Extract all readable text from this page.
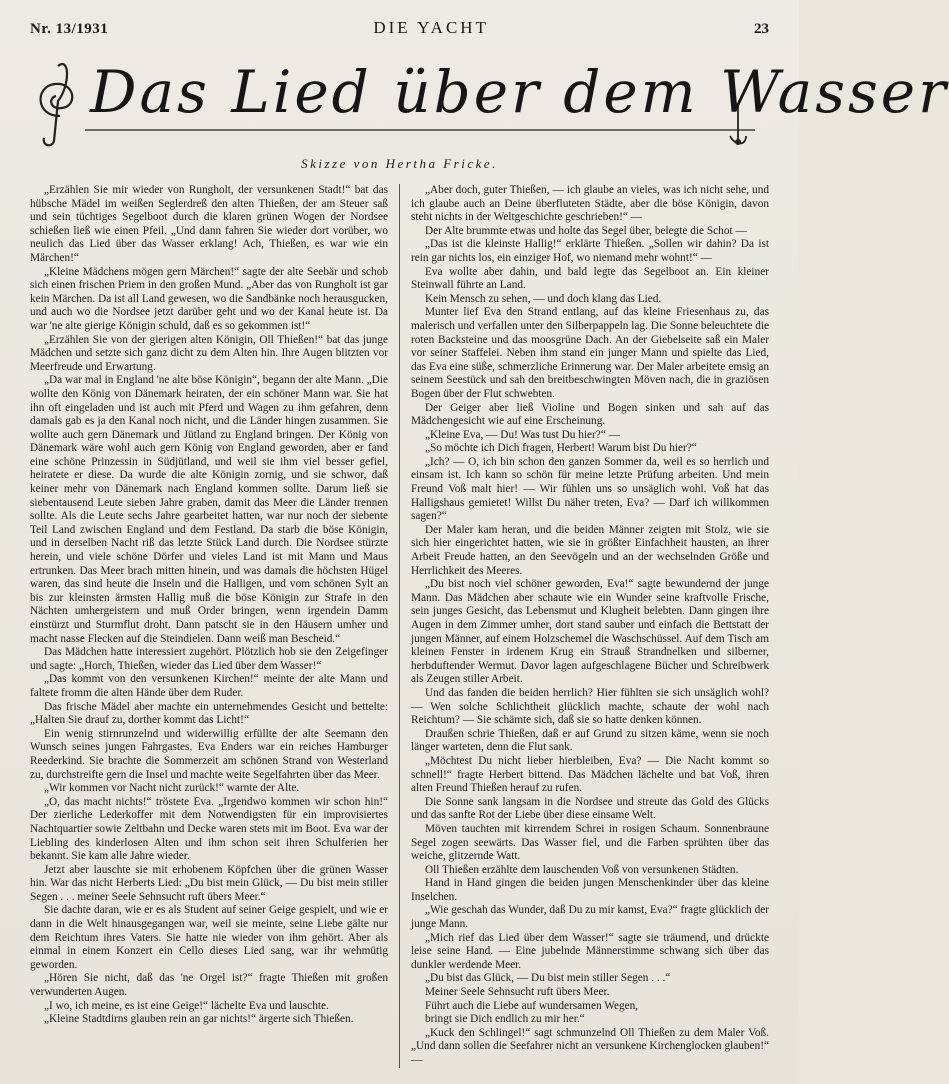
Nr. 13/1931	DIE YACHT	23
Das Lied über dem Wasser
Skizze von Hertha Fricke.

„Erzählen Sie mir wieder von Rungholt, der versunkenen Stadt!“ bat das hübsche Mädel im weißen Seglerdreß den alten Thießen, der am Steuer saß und sein tüchtiges Segelboot durch die klaren grünen Wogen der Nordsee schießen ließ wie einen Pfeil. „Und dann fahren Sie wieder dort vorüber, wo neulich das Lied über das Wasser erklang! Ach, Thießen, es war wie ein Märchen!“

„Kleine Mädchens mögen gern Märchen!“ sagte der alte Seebär und schob sich einen frischen Priem in den großen Mund. „Aber das von Rungholt ist gar kein Märchen. Da ist all Land gewesen, wo die Sandbänke noch herausgucken, und auch wo die Nordsee jetzt darüber geht und wo der Kanal heute ist. Da war 'ne alte gierige Königin schuld, daß es so gekommen ist!“

„Erzählen Sie von der gierigen alten Königin, Oll Thießen!“ bat das junge Mädchen und setzte sich ganz dicht zu dem Alten hin. Ihre Augen blitzten vor Meerfreude und Erwartung.

„Da war mal in England 'ne alte böse Königin“, begann der alte Mann. „Die wollte den König von Dänemark heiraten, der ein schöner Mann war. Sie hat ihn oft eingeladen und ist auch mit Pferd und Wagen zu ihm gefahren, denn damals gab es ja den Kanal noch nicht, und die Länder hingen zusammen. Sie wollte auch gern Dänemark und Jütland zu England bringen. Der König von Dänemark wäre wohl auch gern König von England geworden, aber er fand eine schöne Prinzessin in Südjütland, und weil sie ihm viel besser gefiel, heiratete er diese. Da wurde die alte Königin zornig, und sie schwor, daß keiner mehr von Dänemark nach England kommen sollte. Darum ließ sie siebentausend Leute sieben Jahre graben, damit das Meer die Länder trennen sollte. Als die Leute sechs Jahre gearbeitet hatten, war nur noch der siebente Teil Land zwischen England und dem Festland. Da starb die böse Königin, und in derselben Nacht riß das letzte Stück Land durch. Die Nordsee stürzte herein, und viele schöne Dörfer und vieles Land ist mit Mann und Maus ertrunken. Das Meer brach mitten hinein, und was damals die höchsten Hügel waren, das sind heute die Inseln und die Halligen, und vom schönen Sylt an bis zur kleinsten ärmsten Hallig muß die böse Königin zur Strafe in den Nächten umhergeistern und muß Order bringen, wenn irgendein Damm einstürzt und Sturmflut droht. Dann patscht sie in den Häusern umher und macht nasse Flecken auf die Steindielen. Dann weiß man Bescheid.“

Das Mädchen hatte interessiert zugehört. Plötzlich hob sie den Zeigefinger und sagte: „Horch, Thießen, wieder das Lied über dem Wasser!“

„Das kommt von den versunkenen Kirchen!“ meinte der alte Mann und faltete fromm die alten Hände über dem Ruder.

Das frische Mädel aber machte ein unternehmendes Gesicht und bettelte: „Halten Sie drauf zu, dorther kommt das Licht!“

Ein wenig stirnrunzelnd und widerwillig erfüllte der alte Seemann den Wunsch seines jungen Fahrgastes. Eva Enders war ein reiches Hamburger Reederkind. Sie brachte die Sommerzeit am schönen Strand von Westerland zu, durchstreifte gern die Insel und machte weite Segelfahrten über das Meer.

„Wir kommen vor Nacht nicht zurück!“ warnte der Alte.

„O, das macht nichts!“ tröstete Eva. „Irgendwo kommen wir schon hin!“ Der zierliche Lederkoffer mit dem Notwendigsten für ein improvisiertes Nachtquartier sowie Zeltbahn und Decke waren stets mit im Boot. Eva war der Liebling des kinderlosen Alten und ihm schon seit ihren Schulferien her bekannt. Sie kam alle Jahre wieder.

Jetzt aber lauschte sie mit erhobenem Köpfchen über die grünen Wasser hin. War das nicht Herberts Lied: „Du bist mein Glück, — Du bist mein stiller Segen . . . meiner Seele Sehnsucht ruft übers Meer.“

Sie dachte daran, wie er es als Student auf seiner Geige gespielt, und wie er dann in die Welt hinausgegangen war, weil sie meinte, seine Liebe gälte nur dem Reichtum ihres Vaters. Sie hatte nie wieder von ihm gehört. Aber als einmal in einem Konzert ein Cello dieses Lied sang, war ihr wehmütig geworden.

„Hören Sie nicht, daß das 'ne Orgel ist?“ fragte Thießen mit großen verwunderten Augen.

„I wo, ich meine, es ist eine Geige!“ lächelte Eva und lauschte.

„Kleine Stadtdirns glauben rein an gar nichts!“ ärgerte sich Thießen.

„Aber doch, guter Thießen, — ich glaube an vieles, was ich nicht sehe, und ich glaube auch an Deine überfluteten Städte, aber die böse Königin, davon steht nichts in der Weltgeschichte geschrieben!“ —

Der Alte brummte etwas und holte das Segel über, belegte die Schot —

„Das ist die kleinste Hallig!“ erklärte Thießen. „Sollen wir dahin? Da ist rein gar nichts los, ein einziger Hof, wo niemand mehr wohnt!“ —

Eva wollte aber dahin, und bald legte das Segelboot an. Ein kleiner Steinwall führte an Land.

Kein Mensch zu sehen, — und doch klang das Lied.

Munter lief Eva den Strand entlang, auf das kleine Friesenhaus zu, das malerisch und verfallen unter den Silberpappeln lag. Die Sonne beleuchtete die roten Backsteine und das moosgrüne Dach. An der Giebelseite saß ein Maler vor seiner Staffelei. Neben ihm stand ein junger Mann und spielte das Lied, das Eva eine süße, schmerzliche Erinnerung war. Der Maler arbeitete emsig an seinem Seestück und sah den breitbeschwingten Möven nach, die in graziösen Bogen über der Flut schwebten.

Der Geiger aber ließ Violine und Bogen sinken und sah auf das Mädchengesicht wie auf eine Erscheinung.

„Kleine Eva, — Du! Was tust Du hier?“ —

„So möchte ich Dich fragen, Herbert! Warum bist Du hier?“

„Ich? — O, ich bin schon den ganzen Sommer da, weil es so herrlich und einsam ist. Ich kann so schön für meine letzte Prüfung arbeiten. Und mein Freund Voß malt hier! — Wir fühlen uns so unsäglich wohl. Voß hat das Halligshaus gemietet! Willst Du näher treten, Eva? — Darf ich willkommen sagen?“

Der Maler kam heran, und die beiden Männer zeigten mit Stolz, wie sie sich hier eingerichtet hatten, wie sie in größter Einfachheit hausten, an ihrer Arbeit Freude hatten, an den Seevögeln und an der wechselnden Größe und Herrlichkeit des Meeres.

„Du bist noch viel schöner geworden, Eva!“ sagte bewundernd der junge Mann. Das Mädchen aber schaute wie ein Wunder seine kraftvolle Frische, sein junges Gesicht, das Lebensmut und Klugheit belebten. Dann gingen ihre Augen in dem Zimmer umher, dort stand sauber und einfach die Bettstatt der jungen Männer, auf einem Holzschemel die Waschschüssel. Auf dem Tisch am kleinen Fenster in irdenem Krug ein Strauß Strandnelken und silberner, herbduftender Wermut. Davor lagen aufgeschlagene Bücher und Schreibwerk als Zeugen stiller Arbeit.

Und das fanden die beiden herrlich? Hier fühlten sie sich unsäglich wohl? — Wen solche Schlichtheit glücklich machte, schaute der wohl nach Reichtum? — Sie schämte sich, daß sie so hatte denken können.

Draußen schrie Thießen, daß er auf Grund zu sitzen käme, wenn sie noch länger warteten, denn die Flut sank.

„Möchtest Du nicht lieber hierbleiben, Eva? — Die Nacht kommt so schnell!“ fragte Herbert bittend. Das Mädchen lächelte und bat Voß, ihren alten Freund Thießen herauf zu rufen.

Die Sonne sank langsam in die Nordsee und streute das Gold des Glücks und das sanfte Rot der Liebe über diese einsame Welt.

Möven tauchten mit kirrendem Schrei in rosigen Schaum. Sonnenbraune Segel zogen seewärts. Das Wasser fiel, und die Farben sprühten über das weiche, glitzernde Watt.

Oll Thießen erzählte dem lauschenden Voß von versunkenen Städten.

Hand in Hand gingen die beiden jungen Menschenkinder über das kleine Inselchen.

„Wie geschah das Wunder, daß Du zu mir kamst, Eva?“ fragte glücklich der junge Mann.

„Mich rief das Lied über dem Wasser!“ sagte sie träumend, und drückte leise seine Hand. — Eine jubelnde Männerstimme schwang sich über das dunkler werdende Meer.

„Du bist das Glück, — Du bist mein stiller Segen . . .“

Meiner Seele Sehnsucht ruft übers Meer.

Führt auch die Liebe auf wundersamen Wegen,

bringt sie Dich endlich zu mir her.“

„Kuck den Schlingel!“ sagt schmunzelnd Oll Thießen zu dem Maler Voß. „Und dann sollen die Seefahrer nicht an versunkene Kirchenglocken glauben!“ —
